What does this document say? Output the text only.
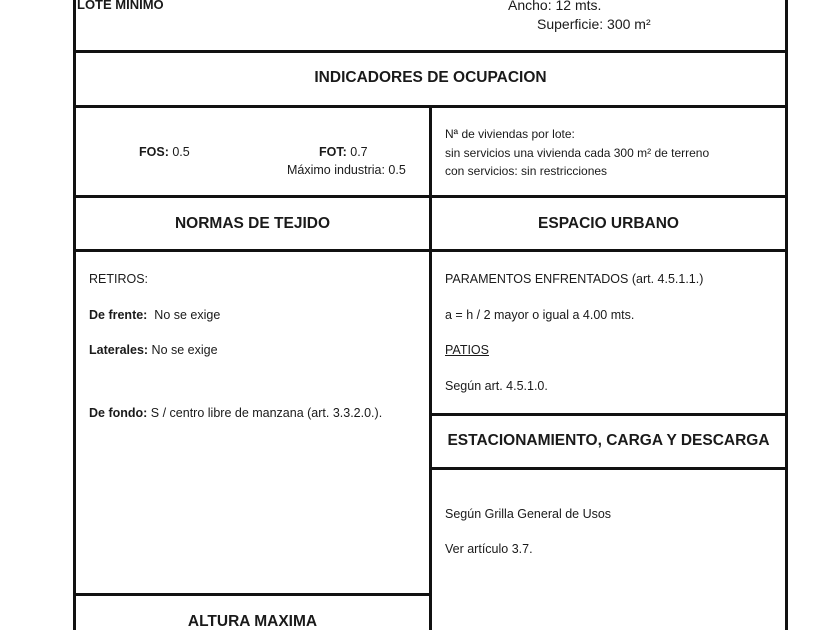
LOTE MINIMO	Ancho: 12 mts.
Superficie: 300 m²
INDICADORES DE OCUPACION
FOS: 0.5	FOT: 0.7
Máximo industria: 0.5
Nª de viviendas por lote:
sin servicios una vivienda cada 300 m² de terreno
con servicios: sin restricciones
NORMAS DE TEJIDO
RETIROS:
De frente:  No se exige
Laterales: No se exige
De fondo: S / centro libre de manzana (art. 3.3.2.0.).
ESPACIO URBANO
PARAMENTOS ENFRENTADOS (art. 4.5.1.1.)
a = h / 2 mayor o igual a 4.00 mts.
PATIOS
Según art. 4.5.1.0.
ESTACIONAMIENTO, CARGA Y DESCARGA
Según Grilla General de Usos
Ver artículo 3.7.
ALTURA MAXIMA
